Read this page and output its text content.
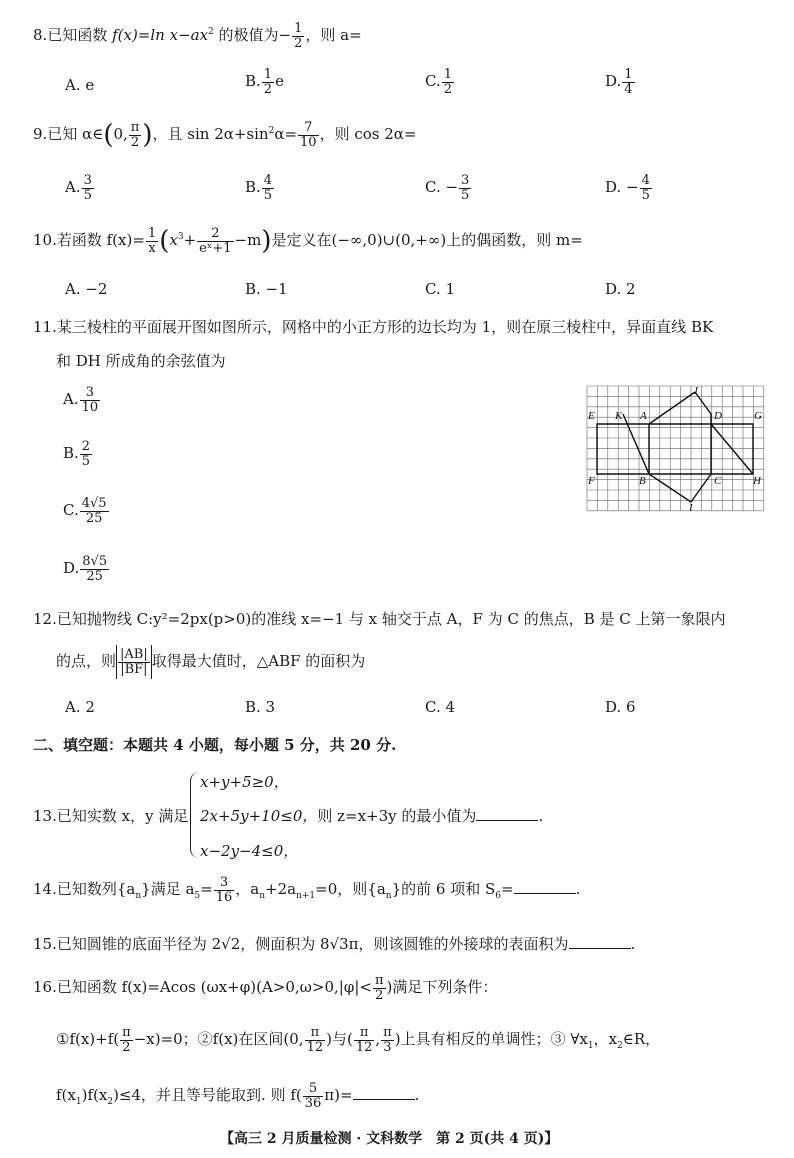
8.已知函数 f(x)=ln $x-ax^2$ 的极值为− $\frac{1}{2}$ ，则 a=
A. e	B. $\frac{1}{2}$ e	C. $\frac{1}{2}$	D. $\frac{1}{4}$
9.已知 α∈(0, $\frac{\pi}{2}$ )，且 $\sin 2\alpha+\sin^2\alpha= \frac{7}{10}$ ，则 cos 2α=
A. $\frac{3}{5}$	B. $\frac{4}{5}$	C. − $\frac{3}{5}$	D. − $\frac{4}{5}$
10.若函数 $f(x)= \frac{1}{x} (x^3+ \frac{2}{\text{eˣ+1}} -m)$是定义在(−∞,0)∪(0,+∞)上的偶函数，则 m=
A. −2	B. −1	C. 1	D. 2
11.某三棱柱的平面展开图如图所示，网格中的小正方形的边长均为 1，则在原三棱柱中，异面直线 BK
和 DH 所成角的余弦值为
A. $\frac{3}{10}$
B. $\frac{2}{5}$
C. $\frac{4√5}{25}$
D. $\frac{8√5}{25}$
E K A
J
D	G
F	B	C	H
I
12.已知抛物线 C:y²=2px(p>0)的准线 x=−1 与 x 轴交于点 A，F 为 C 的焦点，B 是 C 上第一象限内
的点，则 $\frac{|AB|}{|BF|}$ 取得最大值时，△ABF 的面积为
A. 2	B. 3	C. 4	D. 6
二、填空题：本题共 4 小题，每小题 5 分，共 20 分.
13.已知实数 x，y 满足
x+y+5≥0，
2x+5y+10≤0，则 z=x+3y 的最小值为	.
x−2y−4≤0，
14.已知数列$\{a_n\}$满足 $a_5= \frac{3}{16}$ ，$a_n+2a_{n+1}=0$，则$\{a_n\}$的前 6 项和 $S_6=$	.
15.已知圆锥的底面半径为 2√2，侧面积为 8√3π，则该圆锥的外接球的表面积为	.
16.已知函数 f(x)=Acos $(\omega x+\varphi)(A>0,\omega>0,|\varphi|< \frac{\pi}{2}$ )满足下列条件：
①f(x)+f( $\frac{\pi}{2} -x)=0$；②f(x)在区间(0, $\frac{\pi}{12}$ )与( $\frac{\pi}{12}$ , $\frac{\pi}{3}$ )上具有相反的单调性；③ $\forall x_1$，$x_2\in R$，
$f(x_1)f(x_2)\le 4$，并且等号能取到. 则 $f( \frac{5}{36} \pi)=$	.
【高三 2 月质量检测 · 文科数学　第 2 页(共 4 页)】
